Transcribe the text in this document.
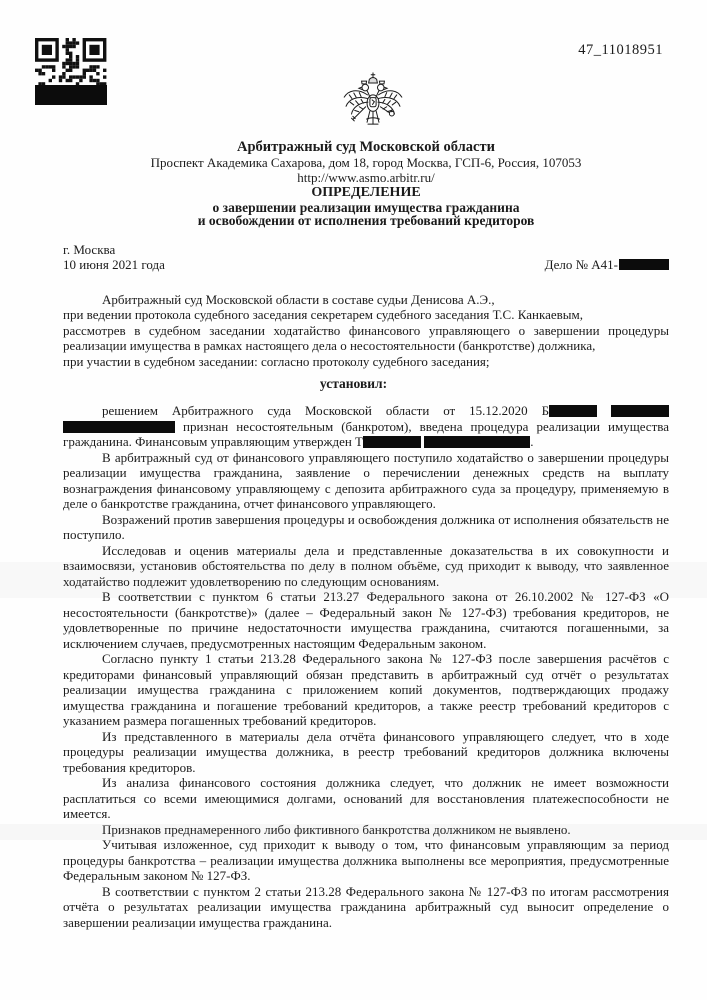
47_11018951
Арбитражный суд Московской области
Проспект Академика Сахарова, дом 18, город Москва, ГСП-6, Россия, 107053
http://www.asmo.arbitr.ru/
ОПРЕДЕЛЕНИЕ
о завершении реализации имущества гражданина
и освобождении от исполнения требований кредиторов
г. Москва
10 июня 2021 года	Дело № А41-
Арбитражный суд Московской области в составе судьи Денисова А.Э.,
при ведении протокола судебного заседания секретарем судебного заседания Т.С. Канкаевым,
рассмотрев в судебном заседании ходатайство финансового управляющего о завершении процедуры
реализации имущества в рамках настоящего дела о несостоятельности (банкротстве) должника,
при участии в судебном заседании: согласно протоколу судебного заседания;
установил:
решением Арбитражного суда Московской области от 15.12.2020 Б
признан несостоятельным (банкротом), введена процедура реализации имущества
гражданина. Финансовым управляющим утвержден Т	.

В арбитражный суд от финансового управляющего поступило ходатайство о завершении процедуры реализации имущества гражданина, заявление о перечислении денежных средств на выплату вознаграждения финансовому управляющему с депозита арбитражного суда за процедуру, применяемую в деле о банкротстве гражданина, отчет финансового управляющего.

Возражений против завершения процедуры и освобождения должника от исполнения обязательств не поступило.

Исследовав и оценив материалы дела и представленные доказательства в их совокупности и взаимосвязи, установив обстоятельства по делу в полном объёме, суд приходит к выводу, что заявленное ходатайство подлежит удовлетворению по следующим основаниям.

В соответствии с пунктом 6 статьи 213.27 Федерального закона от 26.10.2002 № 127-ФЗ «О несостоятельности (банкротстве)» (далее – Федеральный закон № 127-ФЗ) требования кредиторов, не удовлетворенные по причине недостаточности имущества гражданина, считаются погашенными, за исключением случаев, предусмотренных настоящим Федеральным законом.

Согласно пункту 1 статьи 213.28 Федерального закона № 127-ФЗ после завершения расчётов с кредиторами финансовый управляющий обязан представить в арбитражный суд отчёт о результатах реализации имущества гражданина с приложением копий документов, подтверждающих продажу имущества гражданина и погашение требований кредиторов, а также реестр требований кредиторов с указанием размера погашенных требований кредиторов.

Из представленного в материалы дела отчёта финансового управляющего следует, что в ходе процедуры реализации имущества должника, в реестр требований кредиторов должника включены требования кредиторов.

Из анализа финансового состояния должника следует, что должник не имеет возможности расплатиться со всеми имеющимися долгами, оснований для восстановления платежеспособности не имеется.

Признаков преднамеренного либо фиктивного банкротства должником не выявлено.

Учитывая изложенное, суд приходит к выводу о том, что финансовым управляющим за период процедуры банкротства – реализации имущества должника выполнены все мероприятия, предусмотренные Федеральным законом № 127-ФЗ.

В соответствии с пунктом 2 статьи 213.28 Федерального закона № 127-ФЗ по итогам рассмотрения отчёта о результатах реализации имущества гражданина арбитражный суд выносит определение о завершении реализации имущества гражданина.
